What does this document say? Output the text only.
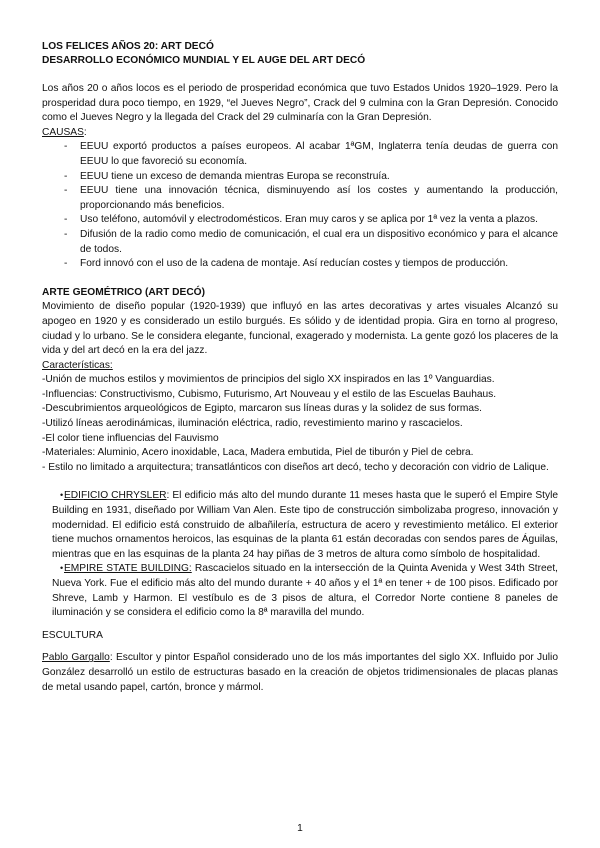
LOS FELICES AÑOS 20: ART DECÓ
DESARROLLO ECONÓMICO MUNDIAL Y EL AUGE DEL ART DECÓ

Los años 20 o años locos es el periodo de prosperidad económica que tuvo Estados Unidos 1920–1929. Pero la prosperidad dura poco tiempo, en 1929, “el Jueves Negro”, Crack del 9 culmina con la Gran Depresión. Conocido como el Jueves Negro y la llegada del Crack del 29 culminaría con la Gran Depresión.

CAUSAS:
- EEUU exportó productos a países europeos. Al acabar 1ªGM, Inglaterra tenía deudas de guerra con EEUU lo que favoreció su economía.
- EEUU tiene un exceso de demanda mientras Europa se reconstruía.
- EEUU tiene una innovación técnica, disminuyendo así los costes y aumentando la producción, proporcionando más beneficios.
- Uso teléfono, automóvil y electrodomésticos. Eran muy caros y se aplica por 1ª vez la venta a plazos.
- Difusión de la radio como medio de comunicación, el cual era un dispositivo económico y para el alcance de todos.
- Ford innovó con el uso de la cadena de montaje. Así reducían costes y tiempos de producción.

ARTE GEOMÉTRICO (ART DECÓ)

Movimiento de diseño popular (1920-1939) que influyó en las artes decorativas y artes visuales Alcanzó su apogeo en 1920 y es considerado un estilo burgués. Es sólido y de identidad propia. Gira en torno al progreso, ciudad y lo urbano. Se le considera elegante, funcional, exagerado y modernista. La gente gozó los placeres de la vida y del art decó en la era del jazz.

Características:

-Unión de muchos estilos y movimientos de principios del siglo XX inspirados en las 1º Vanguardias.

-Influencias: Constructivismo, Cubismo, Futurismo, Art Nouveau y el estilo de las Escuelas Bauhaus.

-Descubrimientos arqueológicos de Egipto, marcaron sus líneas duras y la solidez de sus formas.

-Utilizó líneas aerodinámicas, iluminación eléctrica, radio, revestimiento marino y rascacielos.

-El color tiene influencias del Fauvismo

-Materiales: Aluminio, Acero inoxidable, Laca, Madera embutida, Piel de tiburón y Piel de cebra.

- Estilo no limitado a arquitectura; transatlánticos con diseños art decó, techo y decoración con vidrio de Lalique.

• EDIFICIO CHRYSLER: El edificio más alto del mundo durante 11 meses hasta que le superó el Empire Style Building en 1931, diseñado por William Van Alen. Este tipo de construcción simbolizaba progreso, innovación y modernidad. El edificio está construido de albañilería, estructura de acero y revestimiento metálico. El exterior tiene muchos ornamentos heroicos, las esquinas de la planta 61 están decoradas con sendos pares de Águilas, mientras que en las esquinas de la planta 24 hay piñas de 3 metros de altura como símbolo de hospitalidad.

• EMPIRE STATE BUILDING: Rascacielos situado en la intersección de la Quinta Avenida y West 34th Street, Nueva York. Fue el edificio más alto del mundo durante + 40 años y el 1ª en tener + de 100 pisos. Edificado por Shreve, Lamb y Harmon. El vestíbulo es de 3 pisos de altura, el Corredor Norte contiene 8 paneles de iluminación y se considera el edificio como la 8ª maravilla del mundo.

ESCULTURA

Pablo Gargallo: Escultor y pintor Español considerado uno de los más importantes del siglo XX. Influido por Julio González desarrolló un estilo de estructuras basado en la creación de objetos tridimensionales de placas planas de metal usando papel, cartón, bronce y mármol.

1
